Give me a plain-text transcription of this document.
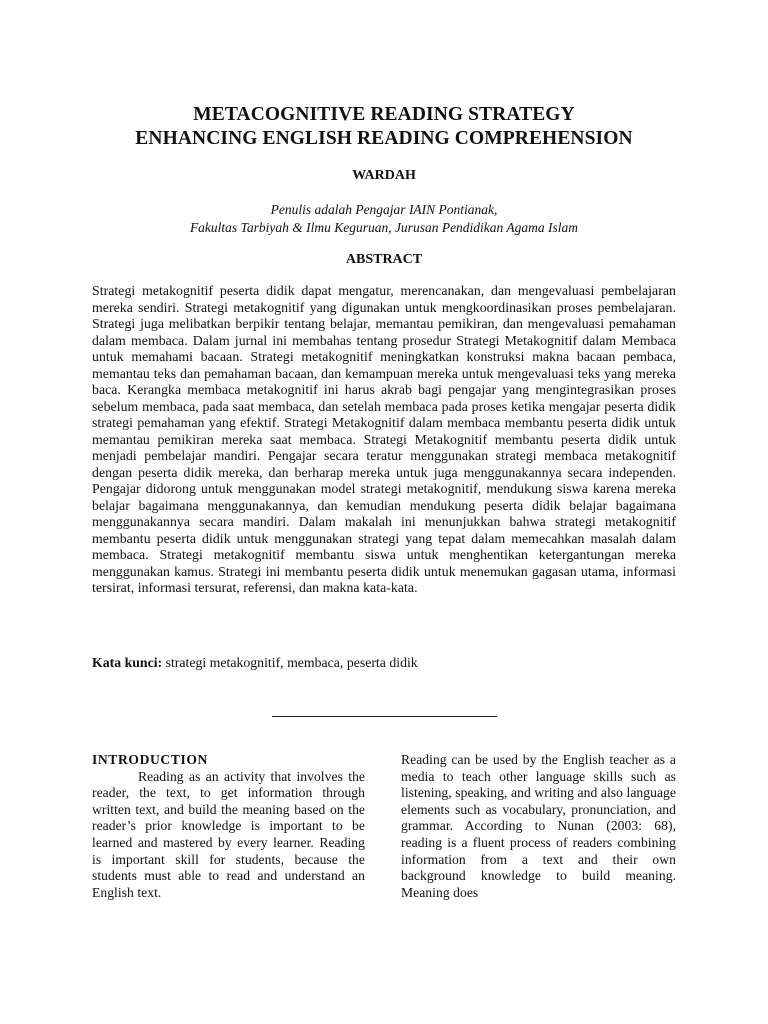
METACOGNITIVE READING STRATEGY
ENHANCING ENGLISH READING COMPREHENSION
WARDAH
Penulis adalah Pengajar IAIN Pontianak,
Fakultas Tarbiyah & Ilmu Keguruan, Jurusan Pendidikan Agama Islam
ABSTRACT
Strategi metakognitif peserta didik dapat mengatur, merencanakan, dan mengevaluasi pembelajaran mereka sendiri. Strategi metakognitif yang digunakan untuk mengkoordinasikan proses pembelajaran. Strategi juga melibatkan berpikir tentang belajar, memantau pemikiran, dan mengevaluasi pemahaman dalam membaca. Dalam jurnal ini membahas tentang prosedur Strategi Metakognitif dalam Membaca untuk memahami bacaan. Strategi metakognitif meningkatkan konstruksi makna bacaan pembaca, memantau teks dan pemahaman bacaan, dan kemampuan mereka untuk mengevaluasi teks yang mereka baca. Kerangka membaca metakognitif ini harus akrab bagi pengajar yang mengintegrasikan proses sebelum membaca, pada saat membaca, dan setelah membaca pada proses ketika mengajar peserta didik strategi pemahaman yang efektif. Strategi Metakognitif dalam membaca membantu peserta didik untuk memantau pemikiran mereka saat membaca. Strategi Metakognitif membantu peserta didik untuk menjadi pembelajar mandiri. Pengajar secara teratur menggunakan strategi membaca metakognitif dengan peserta didik mereka, dan berharap mereka untuk juga menggunakannya secara independen. Pengajar didorong untuk menggunakan model strategi metakognitif, mendukung siswa karena mereka belajar bagaimana menggunakannya, dan kemudian mendukung peserta didik belajar bagaimana menggunakannya secara mandiri. Dalam makalah ini menunjukkan bahwa strategi metakognitif membantu peserta didik untuk menggunakan strategi yang tepat dalam memecahkan masalah dalam membaca. Strategi metakognitif membantu siswa untuk menghentikan ketergantungan mereka menggunakan kamus. Strategi ini membantu peserta didik untuk menemukan gagasan utama, informasi tersirat, informasi tersurat, referensi, dan makna kata-kata.
Kata kunci: strategi metakognitif, membaca, peserta didik
INTRODUCTION
Reading as an activity that involves the reader, the text, to get information through written text, and build the meaning based on the reader’s prior knowledge is important to be learned and mastered by every learner. Reading is important skill for students, because the students must able to read and understand an English text.
Reading can be used by the English teacher as a media to teach other language skills such as listening, speaking, and writing and also language elements such as vocabulary, pronunciation, and grammar. According to Nunan (2003: 68), reading is a fluent process of readers combining information from a text and their own background knowledge to build meaning. Meaning does
